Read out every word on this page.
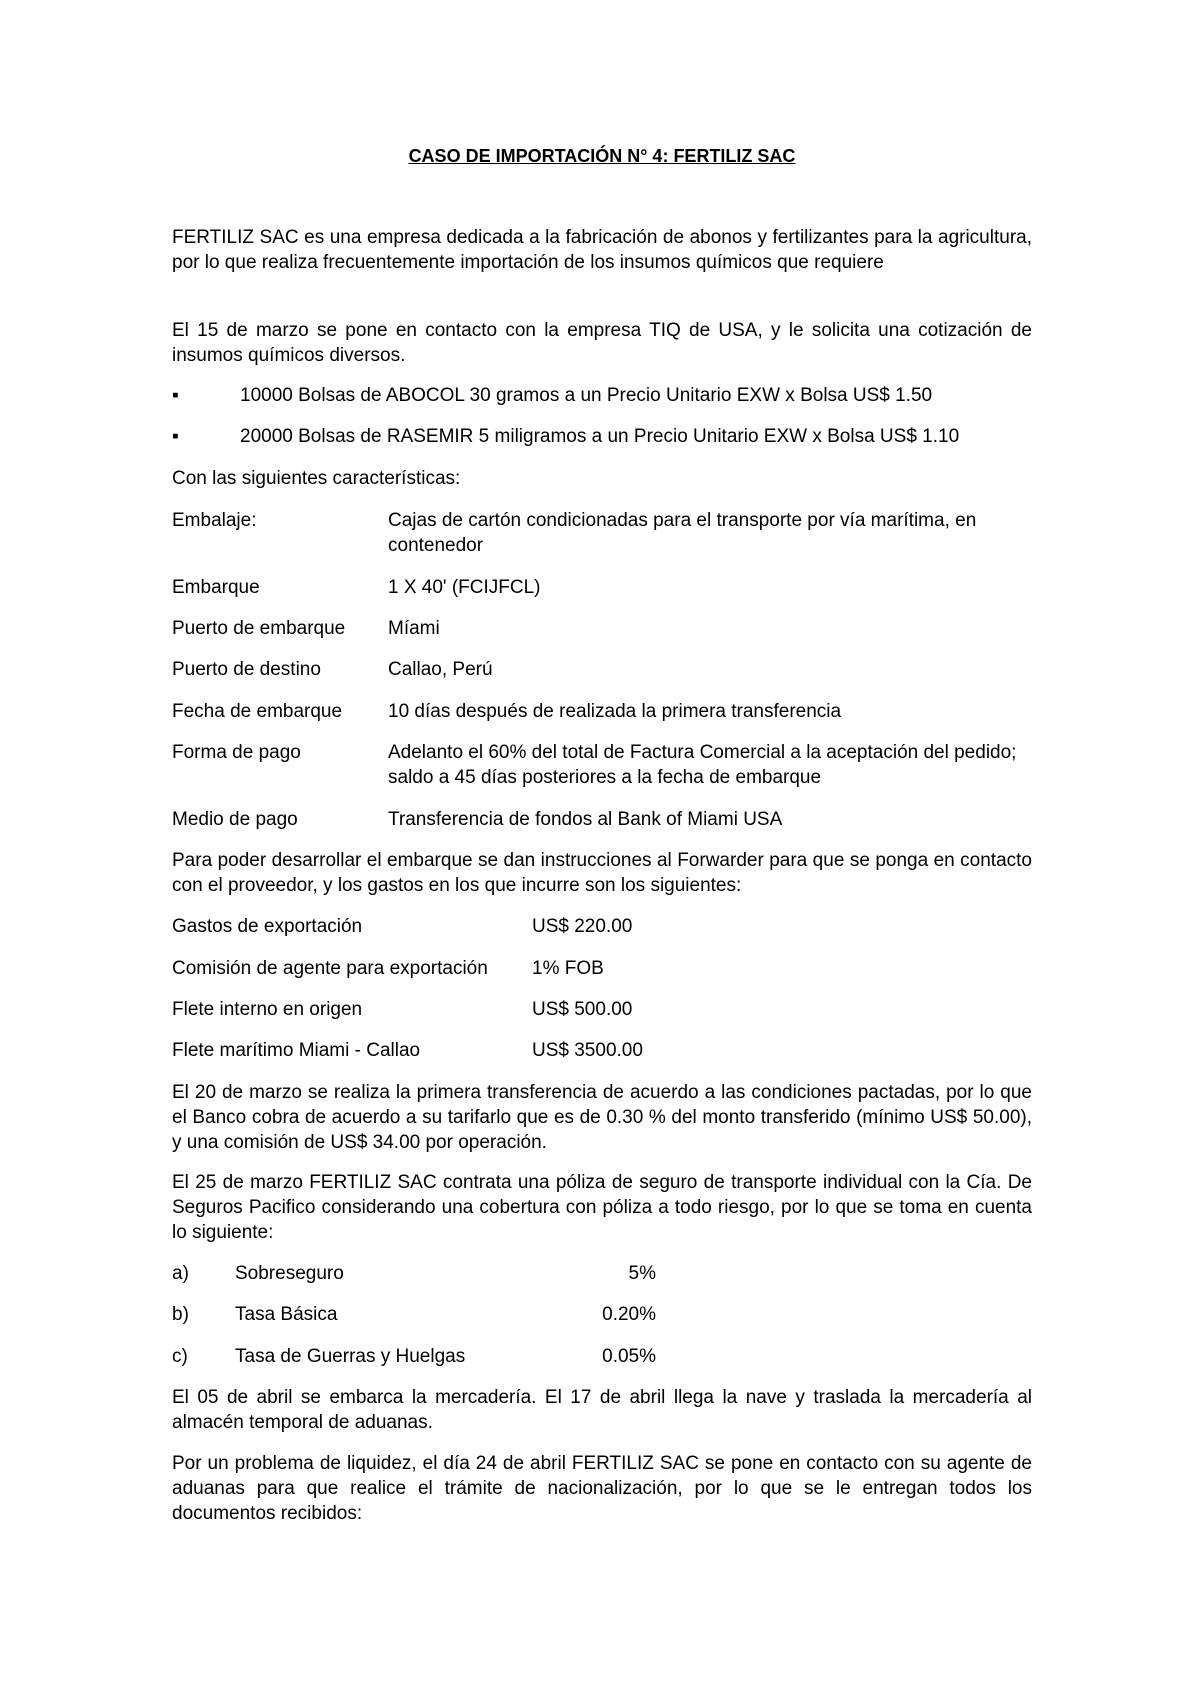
CASO DE IMPORTACIÓN N° 4: FERTILIZ SAC

FERTILIZ SAC es una empresa dedicada a la fabricación de abonos y fertilizantes para la agricultura, por lo que realiza frecuentemente importación de los insumos químicos que requiere

El 15 de marzo se pone en contacto con la empresa TIQ de USA, y le solicita una cotización de insumos químicos diversos.

▪	10000 Bolsas de ABOCOL 30 gramos a un Precio Unitario EXW x Bolsa US$ 1.50
▪	20000 Bolsas de RASEMIR 5 miligramos a un Precio Unitario EXW x Bolsa US$ 1.10

Con las siguientes características:

Embalaje:	Cajas de cartón condicionadas para el transporte por vía marítima, en contenedor
Embarque	1 X 40' (FCIJFCL)
Puerto de embarque Míami
Puerto de destino	Callao, Perú
Fecha de embarque 10 días después de realizada la primera transferencia
Forma de pago	Adelanto el 60% del total de Factura Comercial a la aceptación del pedido; saldo a 45 días posteriores a la fecha de embarque
Medio de pago	Transferencia de fondos al Bank of Miami USA

Para poder desarrollar el embarque se dan instrucciones al Forwarder para que se ponga en contacto con el proveedor, y los gastos en los que incurre son los siguientes:

Gastos de exportación	US$ 220.00
Comisión de agente para exportación 1% FOB
Flete interno en origen	US$ 500.00
Flete marítimo Miami - Callao	US$ 3500.00

El 20 de marzo se realiza la primera transferencia de acuerdo a las condiciones pactadas, por lo que el Banco cobra de acuerdo a su tarifarlo que es de 0.30 % del monto transferido (mínimo US$ 50.00), y una comisión de US$ 34.00 por operación.

El 25 de marzo FERTILIZ SAC contrata una póliza de seguro de transporte individual con la Cía. De Seguros Pacifico considerando una cobertura con póliza a todo riesgo, por lo que se toma en cuenta lo siguiente:

a) Sobreseguro	5%
b) Tasa Básica	0.20%
c) Tasa de Guerras y Huelgas	0.05%

El 05 de abril se embarca la mercadería. El 17 de abril llega la nave y traslada la mercadería al almacén temporal de aduanas.

Por un problema de liquidez, el día 24 de abril FERTILIZ SAC se pone en contacto con su agente de aduanas para que realice el trámite de nacionalización, por lo que se le entregan todos los documentos recibidos:
